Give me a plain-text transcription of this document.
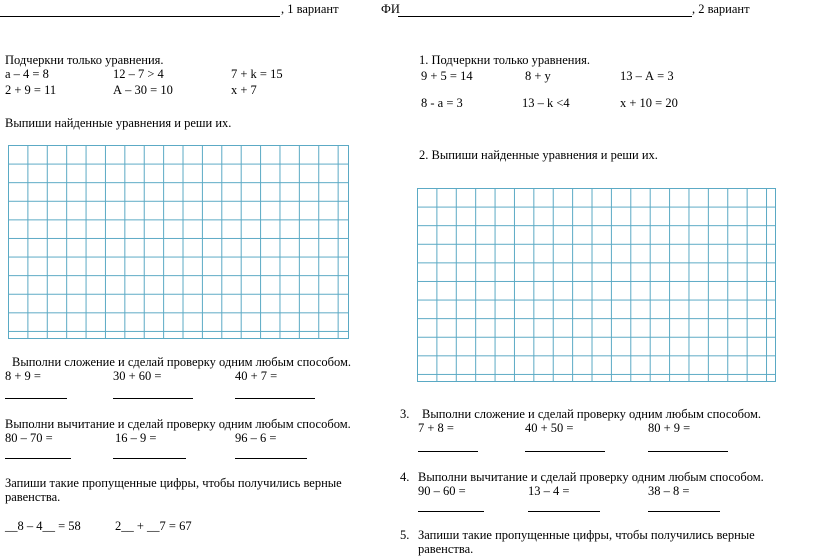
, 1 вариант	ФИ	, 2 вариант
Подчеркни только уравнения.
а – 4 = 8	12 – 7 > 4	7 + k = 15
2 + 9 = 11	А – 30 = 10	х + 7
Выпиши найденные уравнения и реши их.
Выполни сложение и сделай проверку одним любым способом.
8 + 9 =	30 + 60 =	40 + 7 =
Выполни вычитание и сделай проверку одним любым способом.
80 – 70 =	16 – 9 =	96 – 6 =
Запиши такие пропущенные цифры, чтобы получились верные
равенства.
__8 – 4__ = 58	2__ + __7 = 67
1. Подчеркни только уравнения.
9 + 5 = 14	8 + у	13 – А = 3
8 - а = 3	13 – k <4	х + 10 = 20
2. Выпиши найденные уравнения и реши их.
3. Выполни сложение и сделай проверку одним любым способом.
7 + 8 =	40 + 50 =	80 + 9 =
4. Выполни вычитание и сделай проверку одним любым способом.
90 – 60 =	13 – 4 =	38 – 8 =
5. Запиши такие пропущенные цифры, чтобы получились верные
равенства.
